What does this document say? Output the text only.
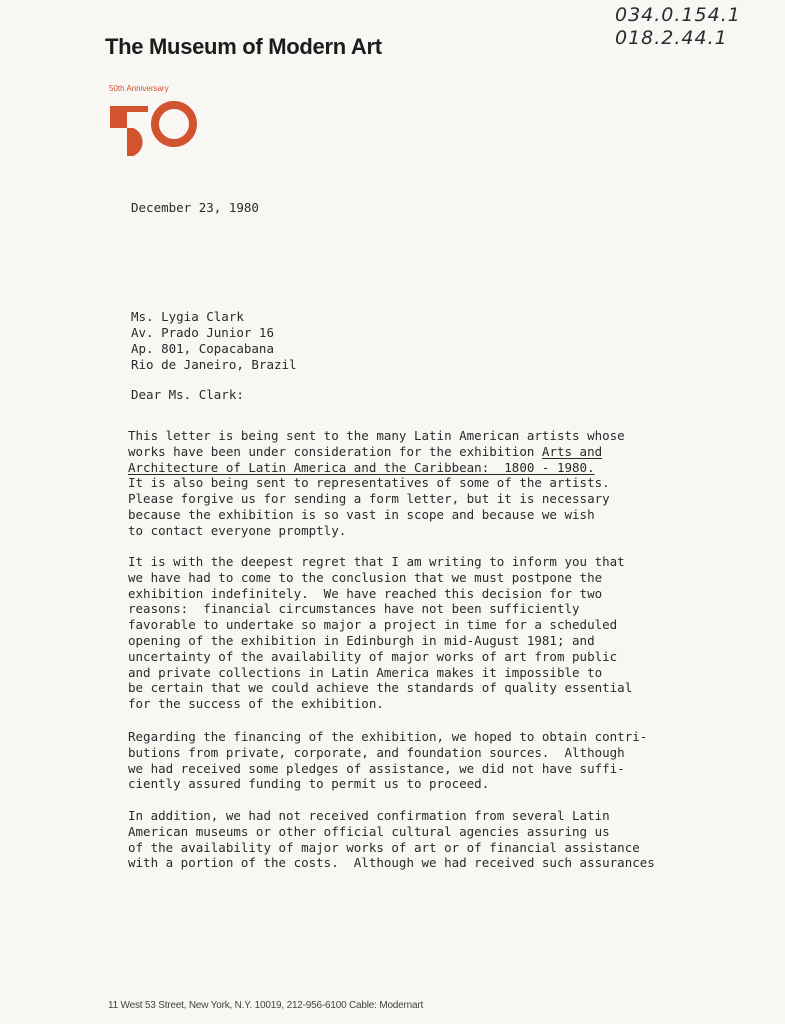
034.0.154.1
018.2.44.1
The Museum of Modern Art
50th Anniversary
December 23, 1980
Ms. Lygia Clark
Av. Prado Junior 16
Ap. 801, Copacabana
Rio de Janeiro, Brazil
Dear Ms. Clark:
This letter is being sent to the many Latin American artists whose
works have been under consideration for the exhibition Arts and
Architecture of Latin America and the Caribbean:  1800 - 1980.
It is also being sent to representatives of some of the artists.
Please forgive us for sending a form letter, but it is necessary
because the exhibition is so vast in scope and because we wish
to contact everyone promptly.
It is with the deepest regret that I am writing to inform you that
we have had to come to the conclusion that we must postpone the
exhibition indefinitely.  We have reached this decision for two
reasons:  financial circumstances have not been sufficiently
favorable to undertake so major a project in time for a scheduled
opening of the exhibition in Edinburgh in mid-August 1981; and
uncertainty of the availability of major works of art from public
and private collections in Latin America makes it impossible to
be certain that we could achieve the standards of quality essential
for the success of the exhibition.
Regarding the financing of the exhibition, we hoped to obtain contri-
butions from private, corporate, and foundation sources.  Although
we had received some pledges of assistance, we did not have suffi-
ciently assured funding to permit us to proceed.
In addition, we had not received confirmation from several Latin
American museums or other official cultural agencies assuring us
of the availability of major works of art or of financial assistance
with a portion of the costs.  Although we had received such assurances
11 West 53 Street, New York, N.Y. 10019, 212-956-6100 Cable: Modernart
